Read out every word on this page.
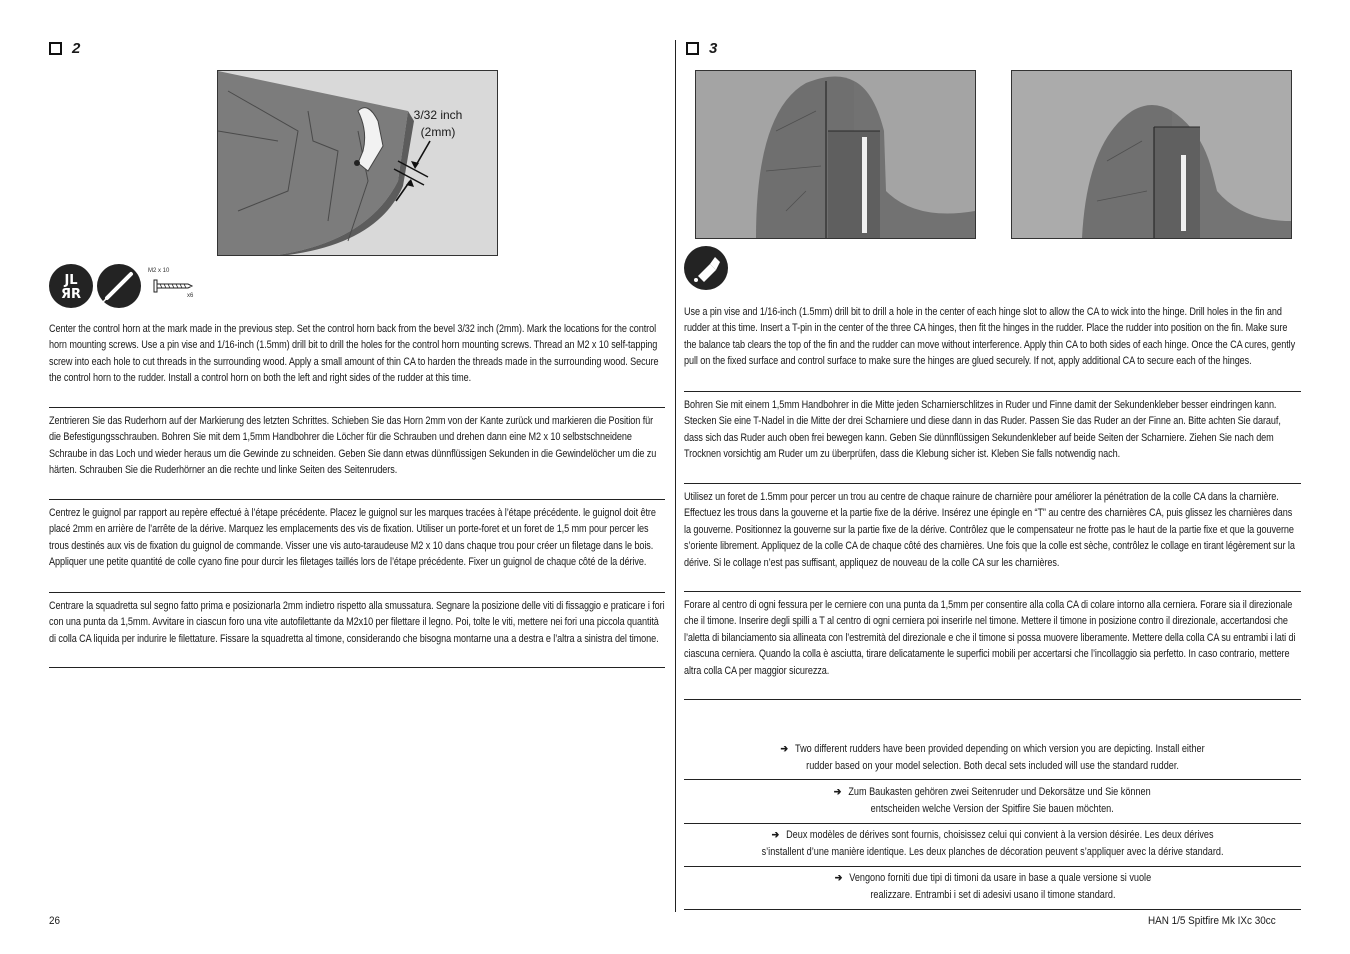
2
3/32 inch
(2mm)
JL
ЯR
M2 x 10
x6
Center the control horn at the mark made in the previous step. Set the control horn back from the bevel 3/32 inch (2mm). Mark the locations for the control horn mounting screws. Use a pin vise and 1/16-inch (1.5mm) drill bit to drill the holes for the control horn mounting screws. Thread an M2 x 10 self-tapping screw into each hole to cut threads in the surrounding wood. Apply a small amount of thin CA to harden the threads made in the surrounding wood. Secure the control horn to the rudder. Install a control horn on both the left and right sides of the rudder at this time.
Zentrieren Sie das Ruderhorn auf der Markierung des letzten Schrittes. Schieben Sie das Horn 2mm von der Kante zurück und markieren die Position für die Befestigungsschrauben. Bohren Sie mit dem 1,5mm Handbohrer die Löcher für die Schrauben und drehen dann eine M2 x 10 selbstschneidene Schraube in das Loch und wieder heraus um die Gewinde zu schneiden. Geben Sie dann etwas dünnflüssigen Sekunden in die Gewindelöcher um die zu härten. Schrauben Sie die Ruderhörner an die rechte und linke Seiten des Seitenruders.
Centrez le guignol par rapport au repère effectué à l’étape précédente. Placez le guignol sur les marques tracées à l’étape précédente. le guignol doit être placé 2mm en arrière de l’arrête de la dérive. Marquez les emplacements des vis de fixation. Utiliser un porte-foret et un foret de 1,5 mm pour percer les trous destinés aux vis de fixation du guignol de commande. Visser une vis auto-taraudeuse M2 x 10 dans chaque trou pour créer un filetage dans le bois. Appliquer une petite quantité de colle cyano fine pour durcir les filetages taillés lors de l’étape précédente. Fixer un guignol de chaque côté de la dérive.
Centrare la squadretta sul segno fatto prima e posizionarla 2mm indietro rispetto alla smussatura. Segnare la posizione delle viti di fissaggio e praticare i fori con una punta da 1,5mm. Avvitare in ciascun foro una vite autofilettante da M2x10 per filettare il legno. Poi, tolte le viti, mettere nei fori una piccola quantità di colla CA liquida per indurire le filettature. Fissare la squadretta al timone, considerando che bisogna montarne una a destra e l’altra a sinistra del timone.
3
Use a pin vise and 1/16-inch (1.5mm) drill bit to drill a hole in the center of each hinge slot to allow the CA to wick into the hinge. Drill holes in the fin and rudder at this time. Insert a T-pin in the center of the three CA hinges, then fit the hinges in the rudder. Place the rudder into position on the fin. Make sure the balance tab clears the top of the fin and the rudder can move without interference. Apply thin CA to both sides of each hinge. Once the CA cures, gently pull on the fixed surface and control surface to make sure the hinges are glued securely. If not, apply additional CA to secure each of the hinges.
Bohren Sie mit einem 1,5mm Handbohrer in die Mitte jeden Scharnierschlitzes in Ruder und Finne damit der Sekundenkleber besser eindringen kann. Stecken Sie eine T-Nadel in die Mitte der drei Scharniere und diese dann in das Ruder. Passen Sie das Ruder an der Finne an. Bitte achten Sie darauf, dass sich das Ruder auch oben frei bewegen kann. Geben Sie dünnflüssigen Sekundenkleber auf beide Seiten der Scharniere. Ziehen Sie nach dem Trocknen vorsichtig am Ruder um zu überprüfen, dass die Klebung sicher ist. Kleben Sie falls notwendig nach.
Utilisez un foret de 1.5mm pour percer un trou au centre de chaque rainure de charnière pour améliorer la pénétration de la colle CA dans la charnière. Effectuez les trous dans la gouverne et la partie fixe de la dérive. Insérez une épingle en “T” au centre des charnières CA, puis glissez les charnières dans la gouverne. Positionnez la gouverne sur la partie fixe de la dérive. Contrôlez que le compensateur ne frotte pas le haut de la partie fixe et que la gouverne s’oriente librement. Appliquez de la colle CA de chaque côté des charnières. Une fois que la colle est sèche, contrôlez le collage en tirant légèrement sur la dérive. Si le collage n’est pas suffisant, appliquez de nouveau de la colle CA sur les charnières.
Forare al centro di ogni fessura per le cerniere con una punta da 1,5mm per consentire alla colla CA di colare intorno alla cerniera. Forare sia il direzionale che il timone. Inserire degli spilli a T al centro di ogni cerniera poi inserirle nel timone. Mettere il timone in posizione contro il direzionale, accertandosi che l’aletta di bilanciamento sia allineata con l’estremità del direzionale e che il timone si possa muovere liberamente. Mettere della colla CA su entrambi i lati di ciascuna cerniera. Quando la colla è asciutta, tirare delicatamente le superfici mobili per accertarsi che l’incollaggio sia perfetto. In caso contrario, mettere altra colla CA per maggior sicurezza.
➔ Two different rudders have been provided depending on which version you are depicting. Install either
rudder based on your model selection. Both decal sets included will use the standard rudder.
➔ Zum Baukasten gehören zwei Seitenruder und Dekorsätze und Sie können
entscheiden welche Version der Spitfire Sie bauen möchten.
➔ Deux modèles de dérives sont fournis, choisissez celui qui convient à la version désirée. Les deux dérives
s’installent d’une manière identique. Les deux planches de décoration peuvent s’appliquer avec la dérive standard.
➔ Vengono forniti due tipi di timoni da usare in base a quale versione si vuole
realizzare. Entrambi i set di adesivi usano il timone standard.
26	HAN 1/5 Spitfire Mk IXc 30cc
